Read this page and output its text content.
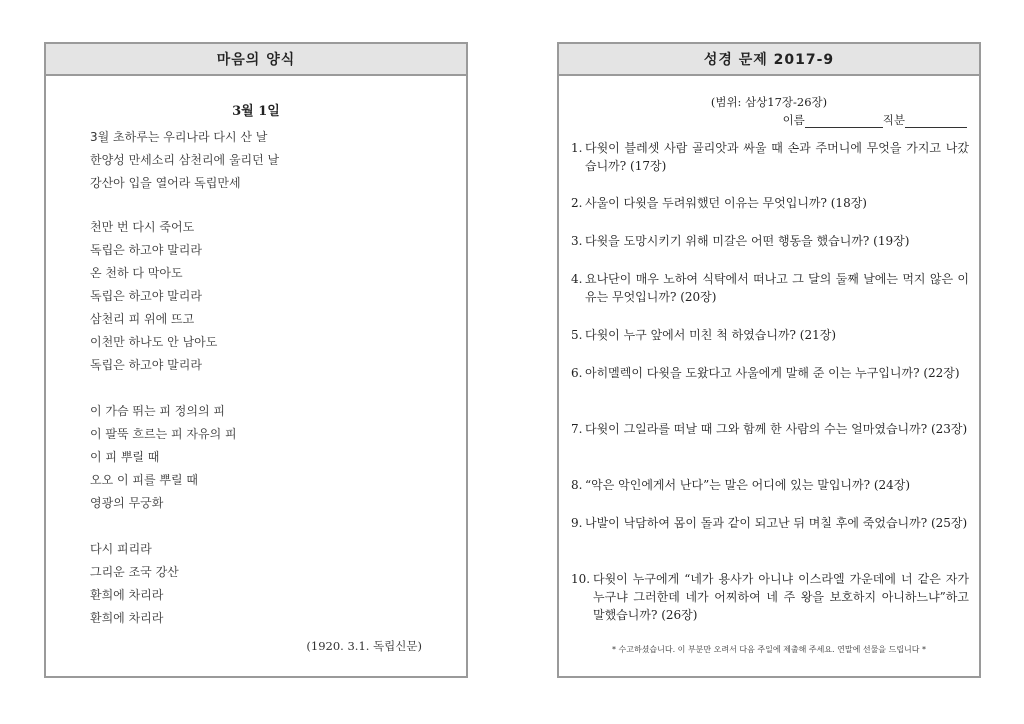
마음의 양식
3월 1일
3월 초하루는 우리나라 다시 산 날
한양성 만세소리 삼천리에 울리던 날
강산아 입을 열어라 독립만세
천만 번 다시 죽어도
독립은 하고야 말리라
온 천하 다 막아도
독립은 하고야 말리라
삼천리 피 위에 뜨고
이천만 하나도 안 남아도
독립은 하고야 말리라
이 가슴 뛰는 피 정의의 피
이 팔뚝 흐르는 피 자유의 피
이 피 뿌릴 때
오오 이 피를 뿌릴 때
영광의 무궁화
다시 피리라
그리운 조국 강산
환희에 차리라
환희에 차리라
(1920. 3.1. 독립신문)
성경 문제 2017-9
(범위: 삼상17장-26장)
이름	직분
1. 다윗이 블레셋 사람 골리앗과 싸울 때 손과 주머니에 무엇을 가지고 나갔습니까? (17장)
2. 사울이 다윗을 두려워했던 이유는 무엇입니까? (18장)
3. 다윗을 도망시키기 위해 미갈은 어떤 행동을 했습니까? (19장)
4. 요나단이 매우 노하여 식탁에서 떠나고 그 달의 둘째 날에는 먹지 않은 이유는 무엇입니까? (20장)
5. 다윗이 누구 앞에서 미친 척 하였습니까? (21장)
6. 아히멜렉이 다윗을 도왔다고 사울에게 말해 준 이는 누구입니까? (22장)
7. 다윗이 그일라를 떠날 때 그와 함께 한 사람의 수는 얼마였습니까? (23장)
8. “악은 악인에게서 난다”는 말은 어디에 있는 말입니까? (24장)
9. 나발이 낙담하여 몸이 돌과 같이 되고난 뒤 며칠 후에 죽었습니까? (25장)
10. 다윗이 누구에게 “네가 용사가 아니냐 이스라엘 가운데에 너 같은 자가 누구냐 그러한데 네가 어찌하여 네 주 왕을 보호하지 아니하느냐”하고 말했습니까? (26장)
* 수고하셨습니다. 이 부분만 오려서 다음 주일에 제출해 주세요. 연말에 선물을 드립니다 *
